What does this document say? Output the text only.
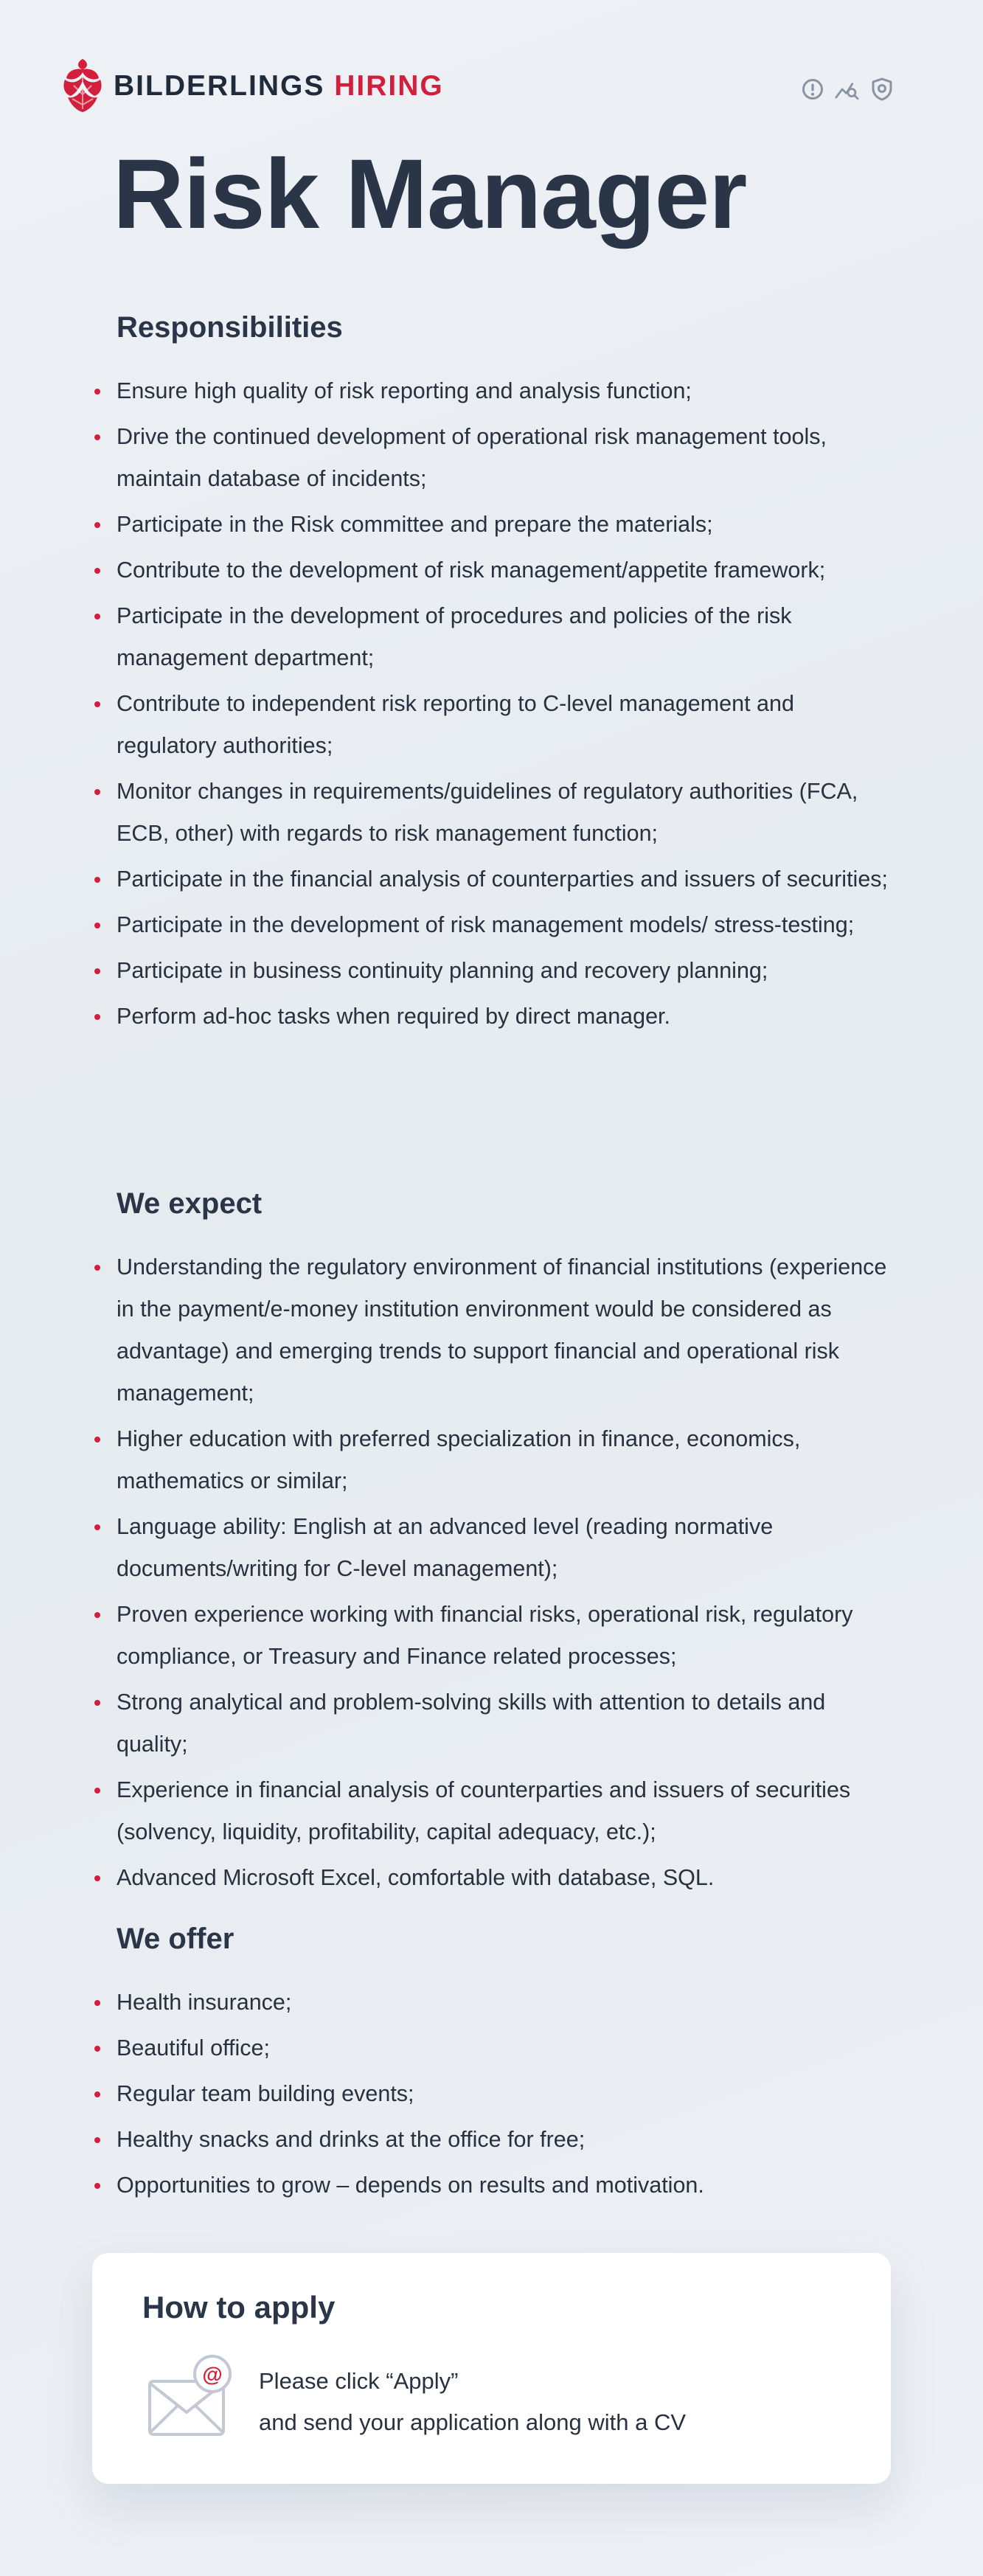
BILDERLINGS HIRING
Risk Manager
Responsibilities
Ensure high quality of risk reporting and analysis function;
Drive the continued development of operational risk management tools, maintain database of incidents;
Participate in the Risk committee and prepare the materials;
Contribute to the development of risk management/appetite framework;
Participate in the development of procedures and policies of the risk management department;
Contribute to independent risk reporting to C-level management and regulatory authorities;
Monitor changes in requirements/guidelines of regulatory authorities (FCA, ECB, other) with regards to risk management function;
Participate in the financial analysis of counterparties and issuers of securities;
Participate in the development of risk management models/ stress-testing;
Participate in business continuity planning and recovery planning;
Perform ad-hoc tasks when required by direct manager.
We expect
Understanding the regulatory environment of financial institutions (experience in the payment/e-money institution environment would be considered as advantage) and emerging trends to support financial and operational risk management;
Higher education with preferred specialization in finance, economics, mathematics or similar;
Language ability: English at an advanced level (reading normative documents/writing for C-level management);
Proven experience working with financial risks, operational risk, regulatory compliance, or Treasury and Finance related processes;
Strong analytical and problem-solving skills with attention to details and quality;
Experience in financial analysis of counterparties and issuers of securities (solvency, liquidity, profitability, capital adequacy, etc.);
Advanced Microsoft Excel, comfortable with database, SQL.
We offer
Health insurance;
Beautiful office;
Regular team building events;
Healthy snacks and drinks at the office for free;
Opportunities to grow – depends on results and motivation.
How to apply
@ Please click “Apply”
and send your application along with a CV
